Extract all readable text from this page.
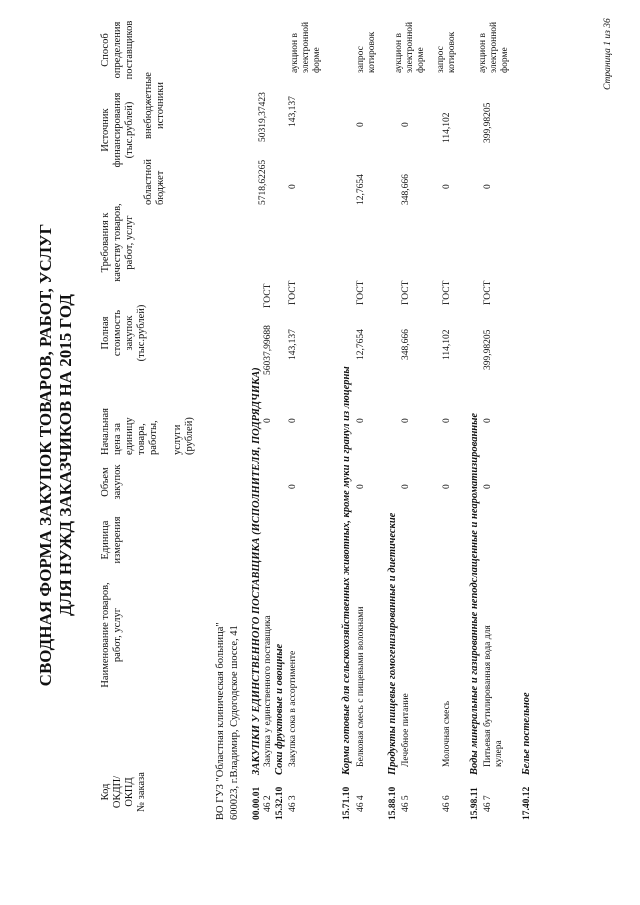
СВОДНАЯ ФОРМА ЗАКУПОК ТОВАРОВ, РАБОТ, УСЛУГ ДЛЯ НУЖД ЗАКАЗЧИКОВ НА 2015 ГОД
Код ОКДП/ ОКПД № заказа
Наименование товаров, работ, услуг
Единица измерения
Объем закупок
Начальная цена за единицу товара, работы, услуги (рублей)
Полная стоимость закупок (тыс.рублей)
Требования к качеству товаров, работ, услуг
Источник финансирования (тыс.рублей)
областной бюджет
внебюджетные источники
Способ определения поставщиков
ВО ГУЗ "Областная клиническая больница" 600023, г.Владимир, Судогодское шоссе, 41 00.00.01
ЗАКУПКИ У ЕДИНСТВЕННОГО ПОСТАВЩИКА (ИСПОЛНИТЕЛЯ, ПОДРЯДЧИКА) 0
56037,99688
ГОСТ
5718,62265
50319,37423
46 2
Закупка у единственного поставщика
15.32.10
Соки фруктовые и овощные
46 3
Закупка сока в ассортименте
0
0
143,137
ГОСТ
0
143,137
аукцион в электронной форме
15.71.10
Корма готовые для сельскохозяйственных животных, кроме муки и гранул из люцерны
46 4
Белковая смесь с пищевыми волокнами
0
0
12,7654
ГОСТ
12,7654
0
запрос котировок
15.88.10
Продукты пищевые гомогенизированные и диетические
46 5
Лечебное питание
0
0
348,666
ГОСТ
348,666
0
аукцион в электронной форме
46 6
Молочная смесь
0
0
114,102
ГОСТ
0
114,102
запрос котировок
15.98.11
Воды минеральные и газированные неподслащенные и неароматизированные
46 7
Питьевая бутилированная вода для кулера
0
0
399,98205
ГОСТ
0
399,98205
аукцион в электронной форме
17.40.12
Белье постельное
Страница 1 из 36
